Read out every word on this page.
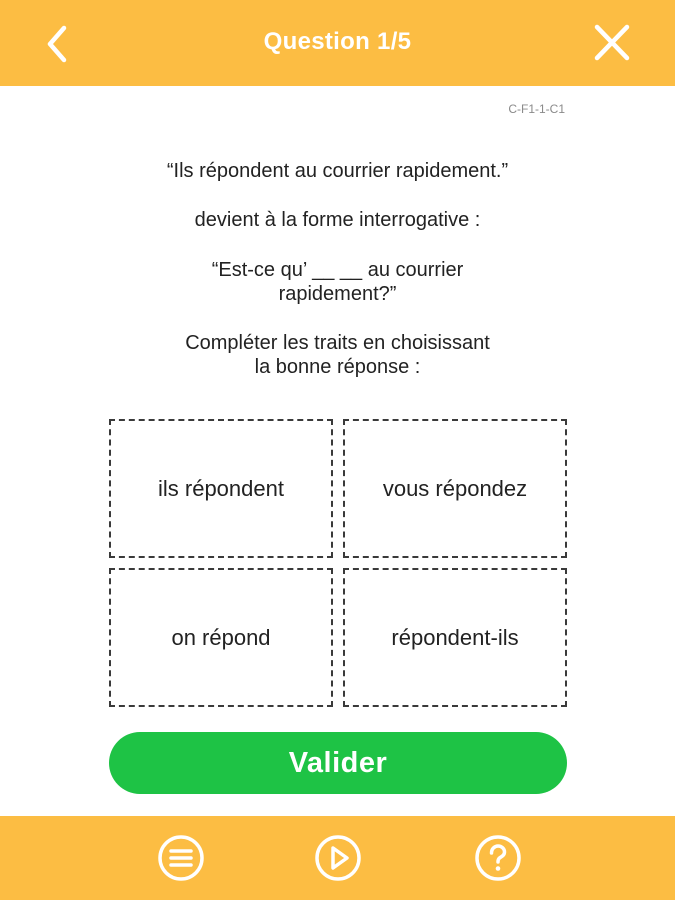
Question 1/5
C-F1-1-C1
“Ils répondent au courrier rapidement.”
devient à la forme interrogative :
“Est-ce qu’ __ __ au courrier
rapidement?”
Compléter les traits en choisissant
la bonne réponse :
ils répondent	vous répondez
on répond	répondent-ils
Valider
